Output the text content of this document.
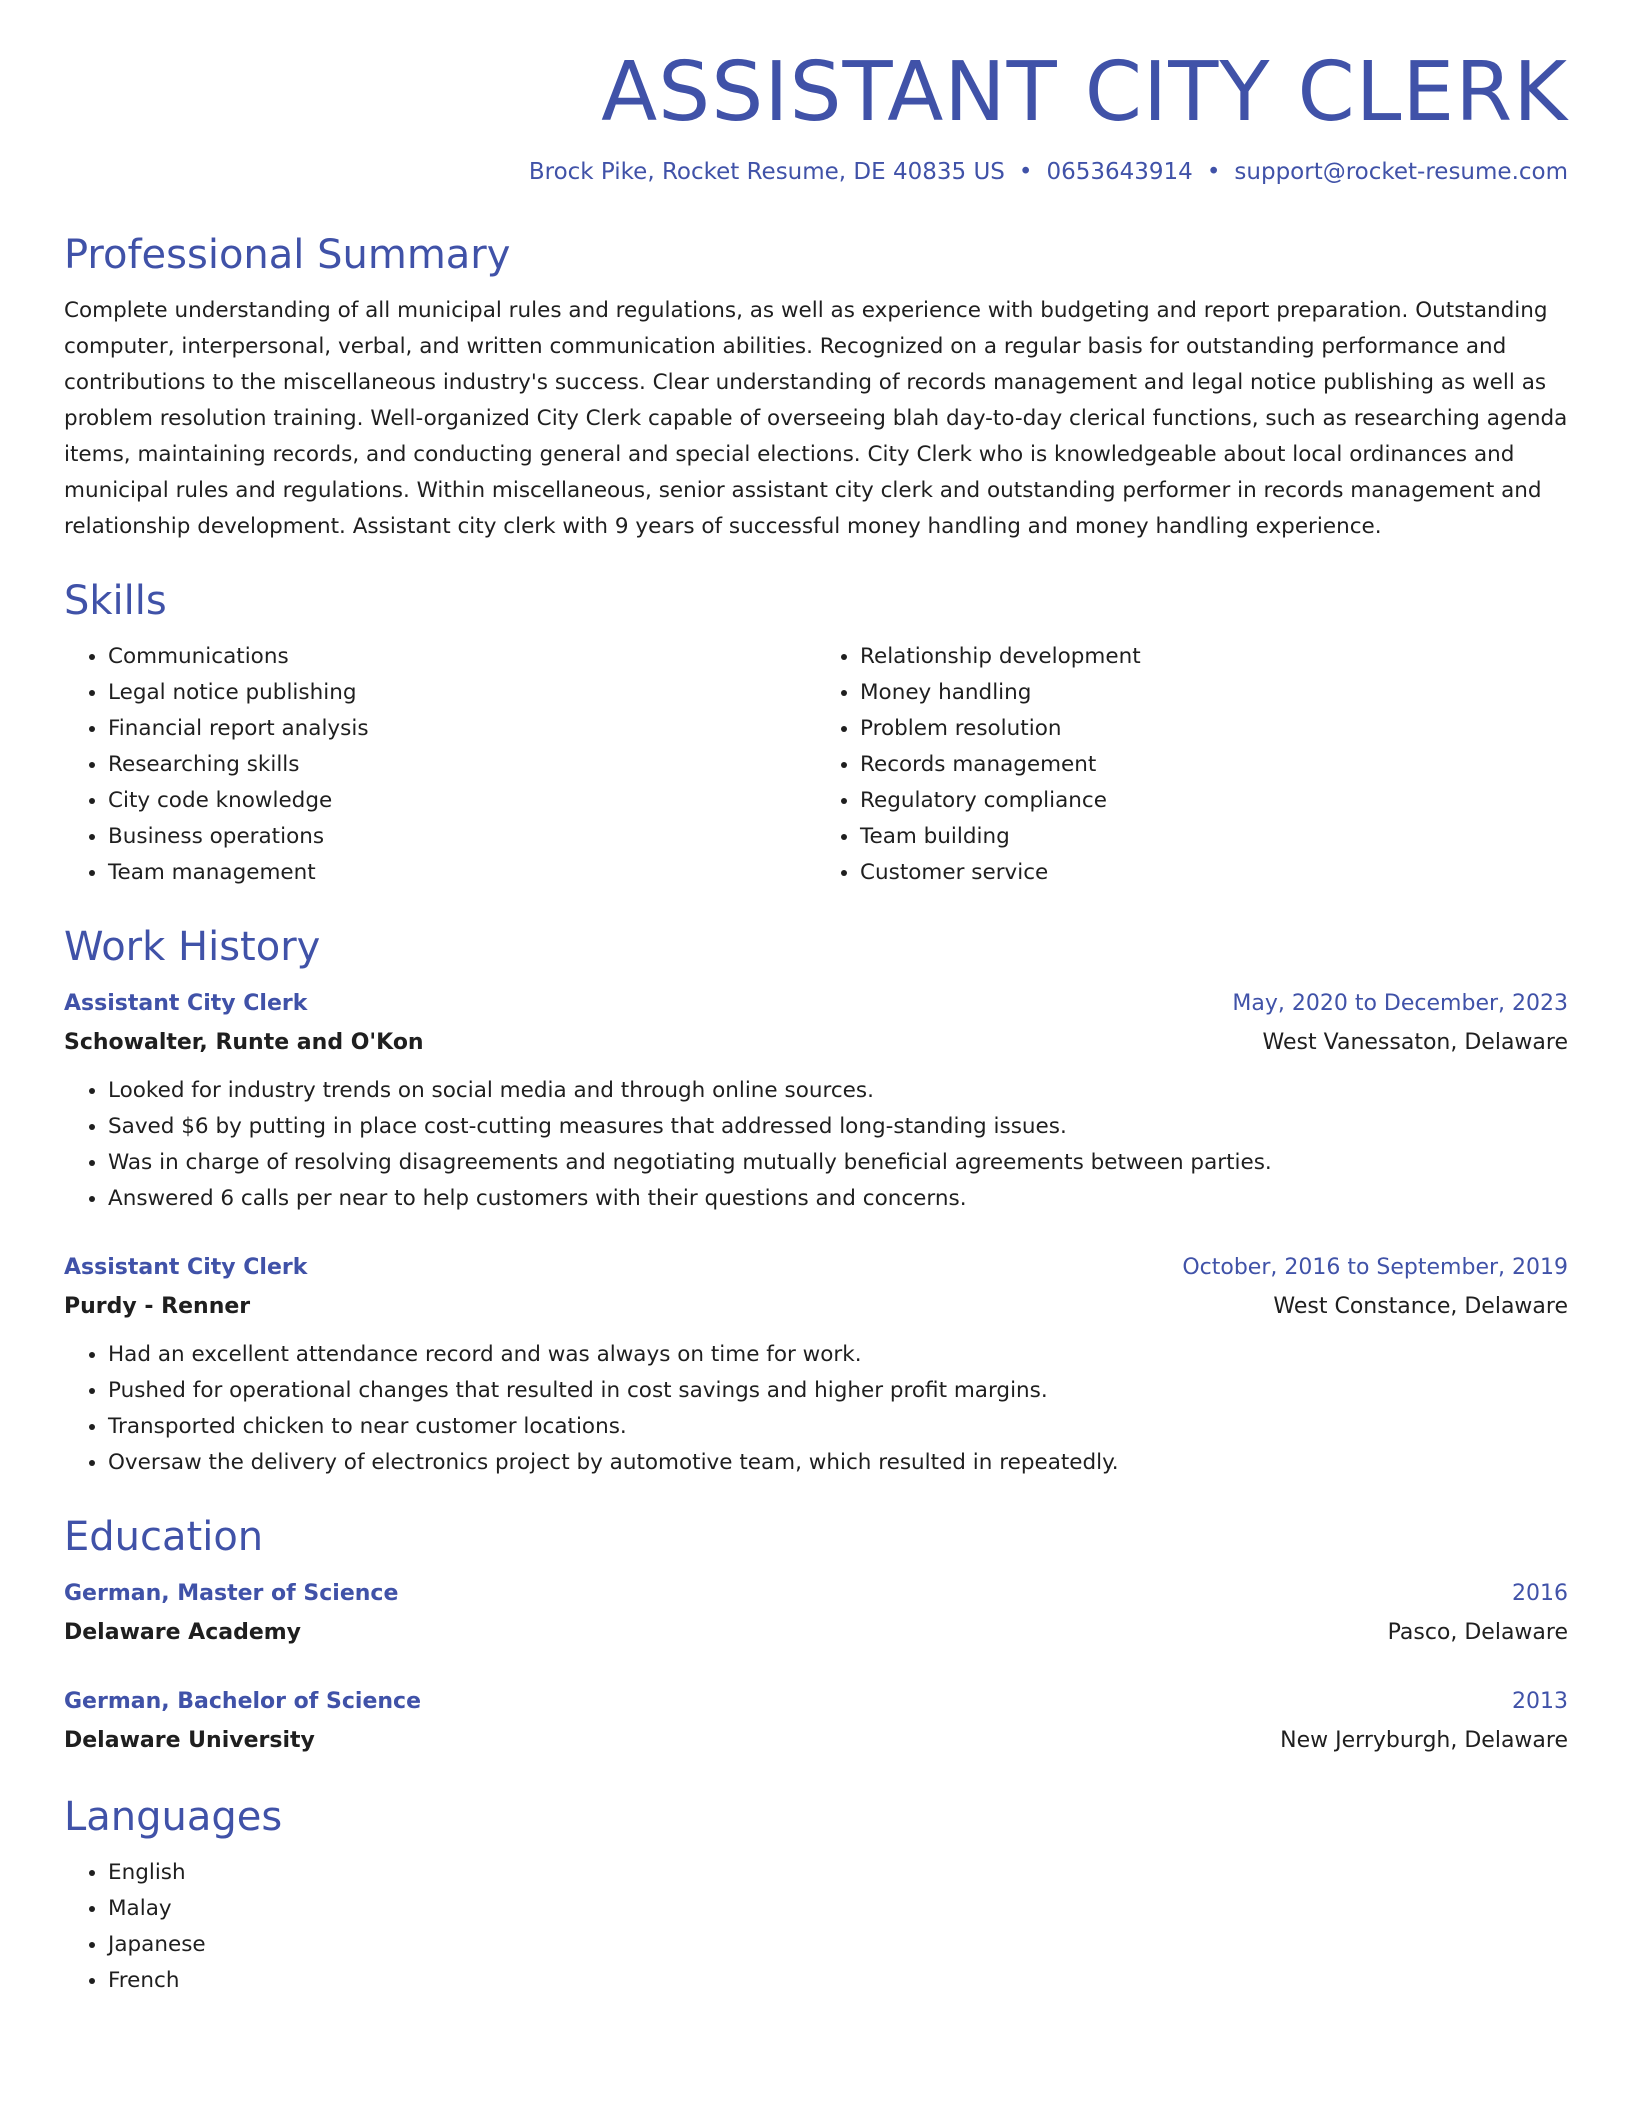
ASSISTANT CITY CLERK
Brock Pike, Rocket Resume, DE 40835 US • 0653643914 • support@rocket-resume.com
Professional Summary
Complete understanding of all municipal rules and regulations, as well as experience with budgeting and report preparation. Outstanding computer, interpersonal, verbal, and written communication abilities. Recognized on a regular basis for outstanding performance and contributions to the miscellaneous industry's success. Clear understanding of records management and legal notice publishing as well as problem resolution training. Well-organized City Clerk capable of overseeing blah day-to-day clerical functions, such as researching agenda items, maintaining records, and conducting general and special elections. City Clerk who is knowledgeable about local ordinances and municipal rules and regulations. Within miscellaneous, senior assistant city clerk and outstanding performer in records management and relationship development. Assistant city clerk with 9 years of successful money handling and money handling experience.
Skills
• Communications
• Legal notice publishing
• Financial report analysis
• Researching skills
• City code knowledge
• Business operations
• Team management
• Relationship development
• Money handling
• Problem resolution
• Records management
• Regulatory compliance
• Team building
• Customer service
Work History
Assistant City Clerk	May, 2020 to December, 2023
Schowalter, Runte and O'Kon	West Vanessaton, Delaware
• Looked for industry trends on social media and through online sources.
• Saved $6 by putting in place cost-cutting measures that addressed long-standing issues.
• Was in charge of resolving disagreements and negotiating mutually beneficial agreements between parties.
• Answered 6 calls per near to help customers with their questions and concerns.
Assistant City Clerk	October, 2016 to September, 2019
Purdy - Renner	West Constance, Delaware
• Had an excellent attendance record and was always on time for work.
• Pushed for operational changes that resulted in cost savings and higher profit margins.
• Transported chicken to near customer locations.
• Oversaw the delivery of electronics project by automotive team, which resulted in repeatedly.
Education
German, Master of Science	2016
Delaware Academy	Pasco, Delaware
German, Bachelor of Science	2013
Delaware University	New Jerryburgh, Delaware
Languages
• English
• Malay
• Japanese
• French
